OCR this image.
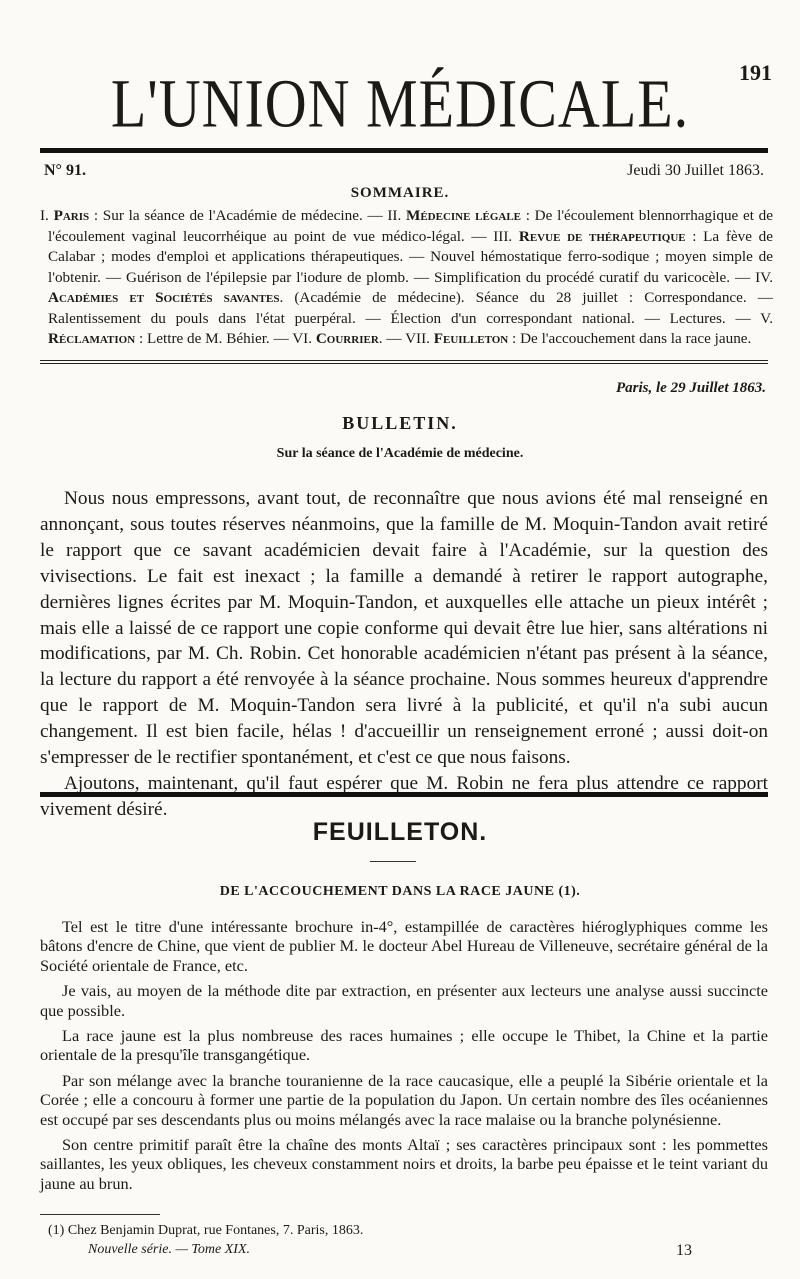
191
L'UNION MÉDICALE.
N° 91.	Jeudi 30 Juillet 1863.
SOMMAIRE.
I. Paris : Sur la séance de l'Académie de médecine. — II. Médecine légale : De l'écoulement blennorrhagique et de l'écoulement vaginal leucorrhéique au point de vue médico-légal. — III. Revue de thérapeutique : La fève de Calabar ; modes d'emploi et applications thérapeutiques. — Nouvel hémostatique ferro-sodique ; moyen simple de l'obtenir. — Guérison de l'épilepsie par l'iodure de plomb. — Simplification du procédé curatif du varicocèle. — IV. Académies et Sociétés savantes. (Académie de médecine). Séance du 28 juillet : Correspondance. — Ralentissement du pouls dans l'état puerpéral. — Élection d'un correspondant national. — Lectures. — V. Réclamation : Lettre de M. Béhier. — VI. Courrier. — VII. Feuilleton : De l'accouchement dans la race jaune.
Paris, le 29 Juillet 1863.
BULLETIN.
Sur la séance de l'Académie de médecine.

Nous nous empressons, avant tout, de reconnaître que nous avions été mal renseigné en annonçant, sous toutes réserves néanmoins, que la famille de M. Moquin-Tandon avait retiré le rapport que ce savant académicien devait faire à l'Académie, sur la question des vivisections. Le fait est inexact ; la famille a demandé à retirer le rapport autographe, dernières lignes écrites par M. Moquin-Tandon, et auxquelles elle attache un pieux intérêt ; mais elle a laissé de ce rapport une copie conforme qui devait être lue hier, sans altérations ni modifications, par M. Ch. Robin. Cet honorable académicien n'étant pas présent à la séance, la lecture du rapport a été renvoyée à la séance prochaine. Nous sommes heureux d'apprendre que le rapport de M. Moquin-Tandon sera livré à la publicité, et qu'il n'a subi aucun changement. Il est bien facile, hélas ! d'accueillir un renseignement erroné ; aussi doit-on s'empresser de le rectifier spontanément, et c'est ce que nous faisons.

Ajoutons, maintenant, qu'il faut espérer que M. Robin ne fera plus attendre ce rapport vivement désiré.

FEUILLETON.
DE L'ACCOUCHEMENT DANS LA RACE JAUNE (1).

Tel est le titre d'une intéressante brochure in-4°, estampillée de caractères hiéroglyphiques comme les bâtons d'encre de Chine, que vient de publier M. le docteur Abel Hureau de Villeneuve, secrétaire général de la Société orientale de France, etc.

Je vais, au moyen de la méthode dite par extraction, en présenter aux lecteurs une analyse aussi succincte que possible.

La race jaune est la plus nombreuse des races humaines ; elle occupe le Thibet, la Chine et la partie orientale de la presqu'île transgangétique.

Par son mélange avec la branche touranienne de la race caucasique, elle a peuplé la Sibérie orientale et la Corée ; elle a concouru à former une partie de la population du Japon. Un certain nombre des îles océaniennes est occupé par ses descendants plus ou moins mélangés avec la race malaise ou la branche polynésienne.

Son centre primitif paraît être la chaîne des monts Altaï ; ses caractères principaux sont : les pommettes saillantes, les yeux obliques, les cheveux constamment noirs et droits, la barbe peu épaisse et le teint variant du jaune au brun.

(1) Chez Benjamin Duprat, rue Fontanes, 7. Paris, 1863.
Nouvelle série. — Tome XIX.	13
